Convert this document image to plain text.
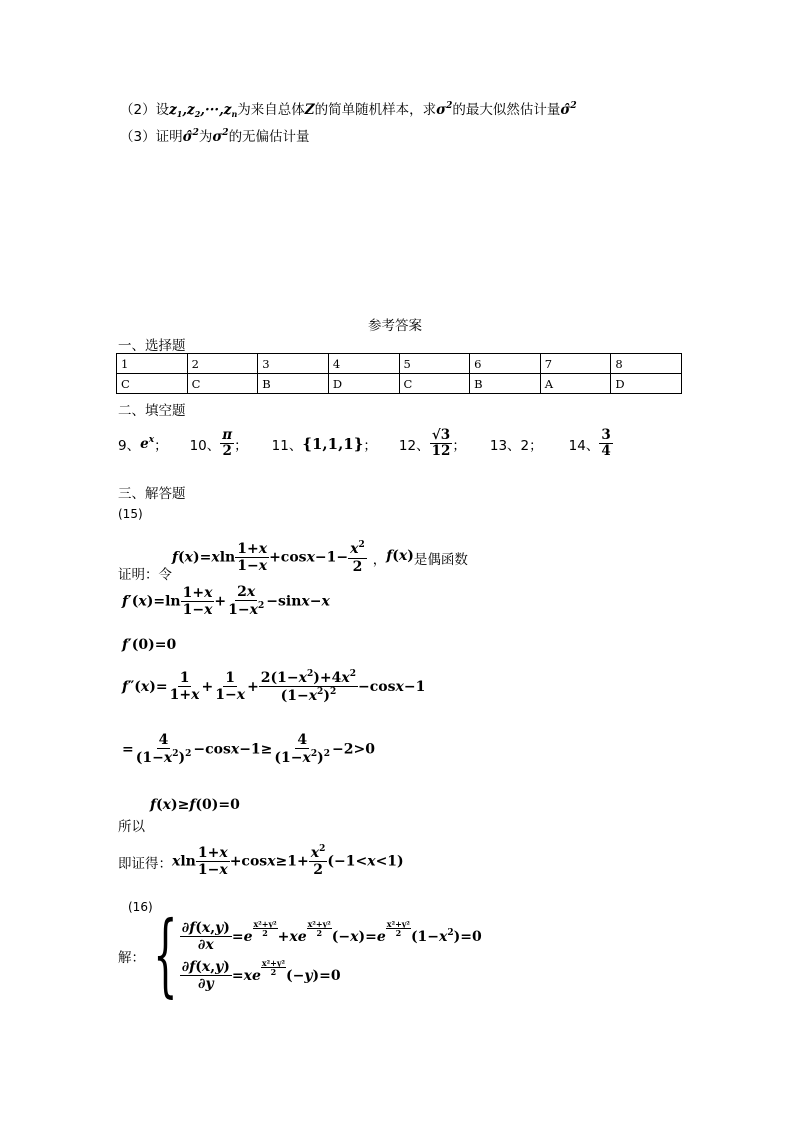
（2）设$z_1,z_2,\cdot\cdot\cdot,z_n$为来自总体Z的简单随机样本，求$\sigma^2$的最大似然估计量σ̂$^2$
（3）证明σ̂$^2$为$\sigma^2$的无偏估计量
参考答案
一、选择题
1	2	3	4	5	6	7	8
C	C	B	D	C	B	A	D
二、填空题
9、 $e^x$ ； 10、 $\frac{\pi}{2}$ ； 11、 {1,1,1} ； 12、 $\frac{√3}{12}$ ； 13、2； 14、 $\frac{3}{4}$
三、解答题
(15)
证明：令
$f(x)=xln \frac{1+x}{1-x} +\cos x-1- \frac{x^2}{2}$ ， f(x) 是偶函数
$f'(x)=\ln \frac{1+x}{1-x} + \frac{2x}{1-x^2} -\sin x-x$
f′(0)=0
$f''(x)= \frac{1}{1+x} + \frac{1}{1-x} + \frac{2(1-x^2)+4x^2}{(1-x^2)^2} -\cos x-1$
= $\frac{4}{(1-x^2)^2} -\cos x-1\ge \frac{4}{(1-x^2)^2} -2>0$
f(x)≥f(0)=0
所以
即证得： xln $\frac{1+x}{1-x} +\cos x\ge 1+ \frac{x^2}{2} (-1<x<1)$
(16)
解： { $\frac{\partial f(x,y)}{\partial x} =e \frac{\text{x²+y²}}{2} +xe \frac{\text{x²+y²}}{2} (-x)=e \frac{\text{x²+y²}}{2} (1-x^2)=0$
$\frac{\partial f(x,y)}{\partial y} =xe \frac{\text{x²+y²}}{2} (-y)=0$
